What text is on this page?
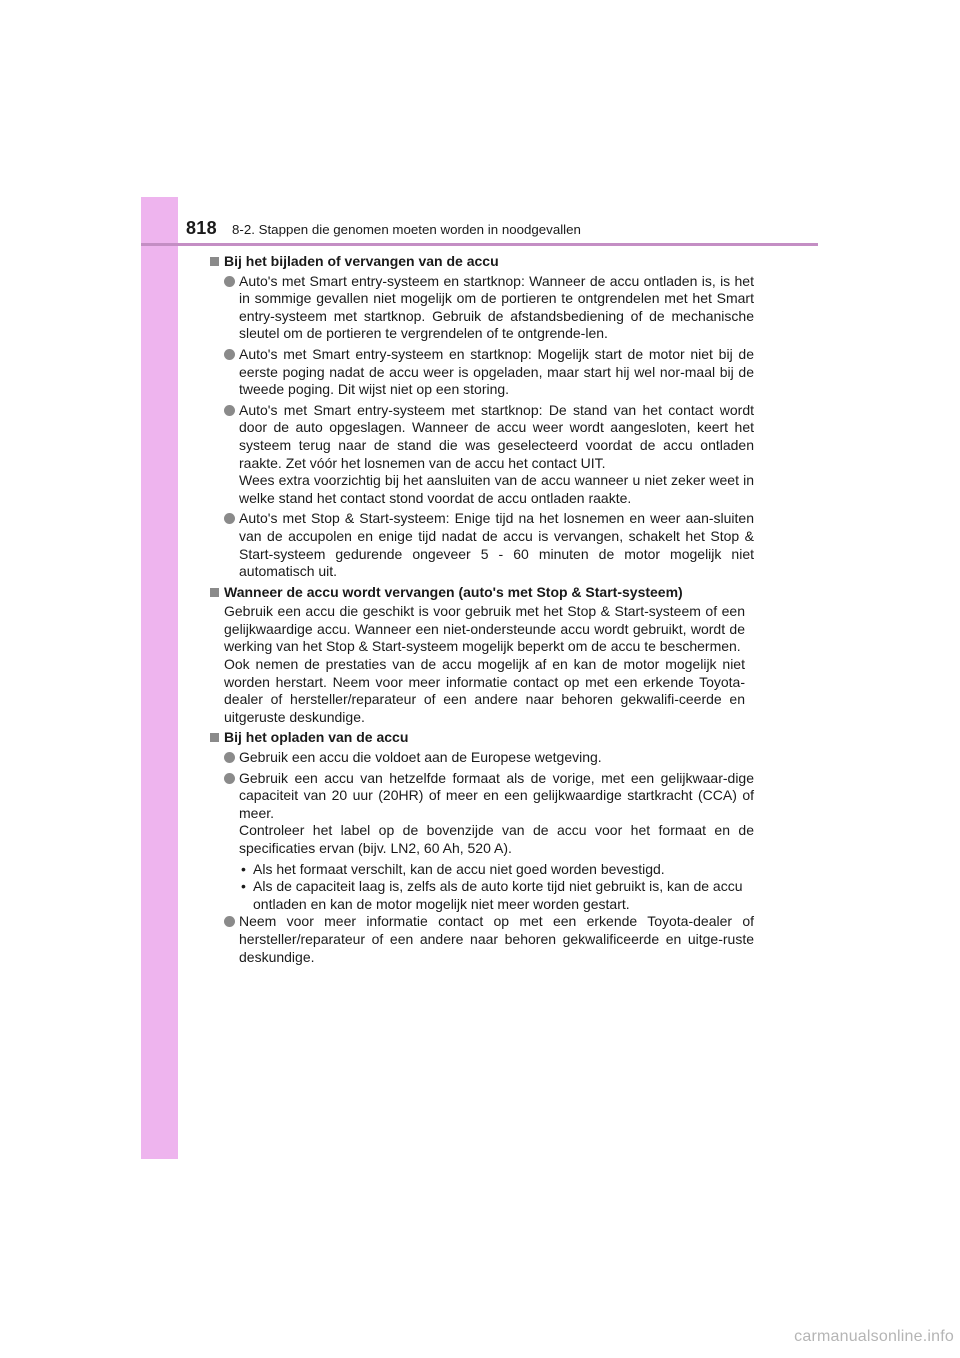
818 8-2. Stappen die genomen moeten worden in noodgevallen
Bij het bijladen of vervangen van de accu
Auto's met Smart entry-systeem en startknop: Wanneer de accu ontladen is, is het in sommige gevallen niet mogelijk om de portieren te ontgrendelen met het Smart entry-systeem met startknop. Gebruik de afstandsbediening of de mechanische sleutel om de portieren te vergrendelen of te ontgrende-len.
Auto's met Smart entry-systeem en startknop: Mogelijk start de motor niet bij de eerste poging nadat de accu weer is opgeladen, maar start hij wel nor-maal bij de tweede poging. Dit wijst niet op een storing.
Auto's met Smart entry-systeem met startknop: De stand van het contact wordt door de auto opgeslagen. Wanneer de accu weer wordt aangesloten, keert het systeem terug naar de stand die was geselecteerd voordat de accu ontladen raakte. Zet vóór het losnemen van de accu het contact UIT.
Wees extra voorzichtig bij het aansluiten van de accu wanneer u niet zeker weet in welke stand het contact stond voordat de accu ontladen raakte.
Auto's met Stop & Start-systeem: Enige tijd na het losnemen en weer aan-sluiten van de accupolen en enige tijd nadat de accu is vervangen, schakelt het Stop & Start-systeem gedurende ongeveer 5 - 60 minuten de motor mogelijk niet automatisch uit.
Wanneer de accu wordt vervangen (auto's met Stop & Start-systeem)
Gebruik een accu die geschikt is voor gebruik met het Stop & Start-systeem of een gelijkwaardige accu. Wanneer een niet-ondersteunde accu wordt gebruikt, wordt de werking van het Stop & Start-systeem mogelijk beperkt om de accu te beschermen.
Ook nemen de prestaties van de accu mogelijk af en kan de motor mogelijk niet worden herstart. Neem voor meer informatie contact op met een erkende Toyota-dealer of hersteller/reparateur of een andere naar behoren gekwalifi-ceerde en uitgeruste deskundige.
Bij het opladen van de accu
Gebruik een accu die voldoet aan de Europese wetgeving.
Gebruik een accu van hetzelfde formaat als de vorige, met een gelijkwaar-dige capaciteit van 20 uur (20HR) of meer en een gelijkwaardige startkracht (CCA) of meer.
Controleer het label op de bovenzijde van de accu voor het formaat en de specificaties ervan (bijv. LN2, 60 Ah, 520 A).
• Als het formaat verschilt, kan de accu niet goed worden bevestigd.
• Als de capaciteit laag is, zelfs als de auto korte tijd niet gebruikt is, kan de accu ontladen en kan de motor mogelijk niet meer worden gestart.
Neem voor meer informatie contact op met een erkende Toyota-dealer of hersteller/reparateur of een andere naar behoren gekwalificeerde en uitge-ruste deskundige.
carmanualsonline.info
